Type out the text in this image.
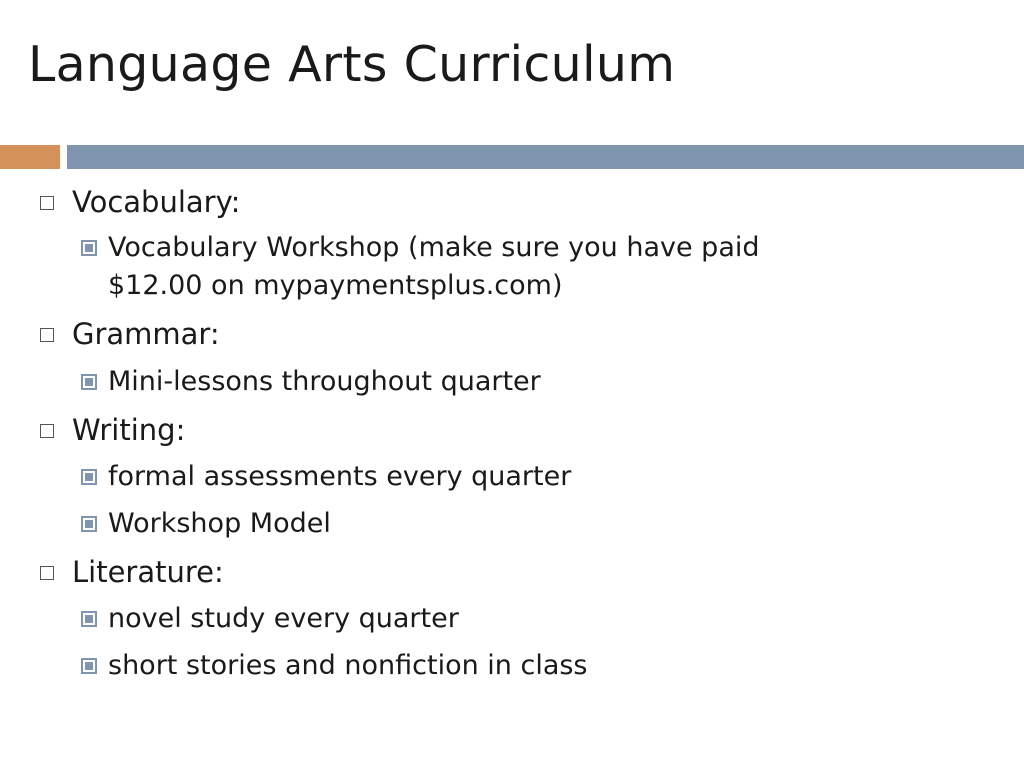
Language Arts Curriculum
Vocabulary:
Vocabulary Workshop (make sure you have paid
$12.00 on mypaymentsplus.com)
Grammar:
Mini-lessons throughout quarter
Writing:
formal assessments every quarter
Workshop Model
Literature:
novel study every quarter
short stories and nonfiction in class
